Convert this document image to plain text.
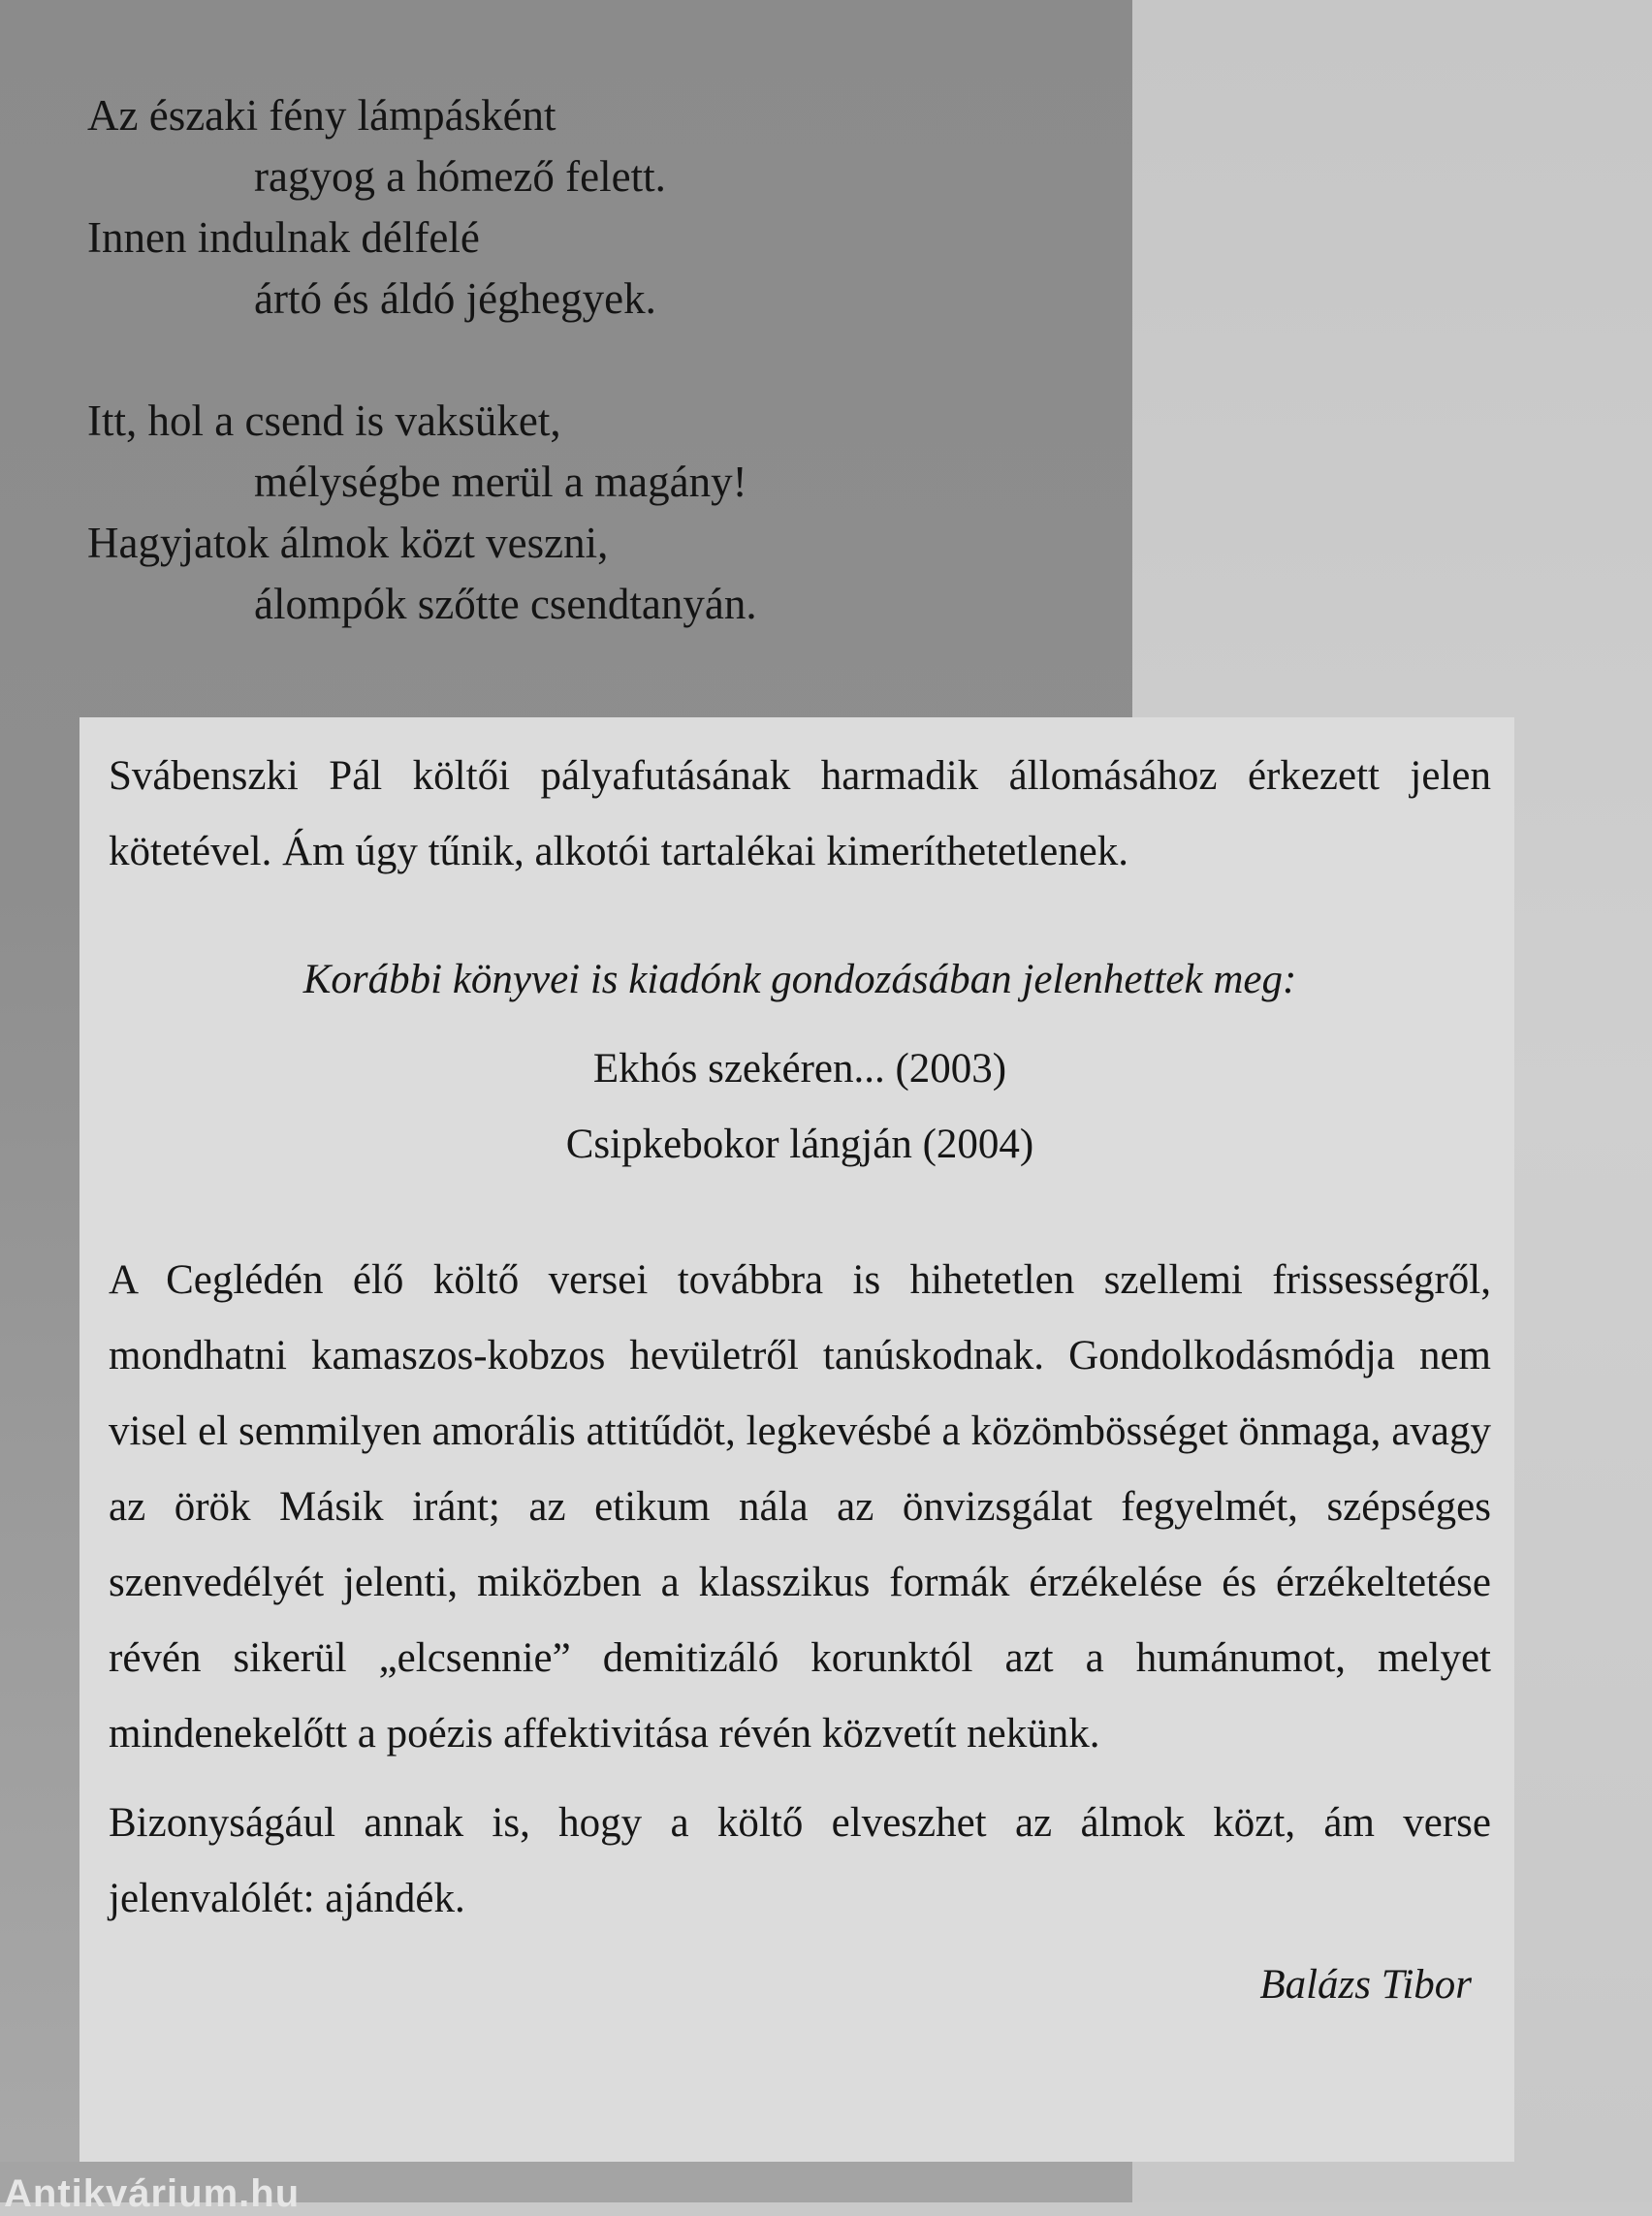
Az északi fény lámpásként
ragyog a hómező felett.
Innen indulnak délfelé
ártó és áldó jéghegyek.
Itt, hol a csend is vaksüket,
mélységbe merül a magány!
Hagyjatok álmok közt veszni,
álompók szőtte csendtanyán.

Svábenszki Pál költői pályafutásának harmadik állomásához érkezett jelen kötetével. Ám úgy tűnik, alkotói tartalékai kimeríthetetlenek.

Korábbi könyvei is kiadónk gondozásában jelenhettek meg:
Ekhós szekéren... (2003)
Csipkebokor lángján (2004)

A Ceglédén élő költő versei továbbra is hihetetlen szellemi frissességről, mondhatni kamaszos-kobzos hevületről tanúskodnak. Gondolkodásmódja nem visel el semmilyen amorális attitűdöt, legkevésbé a közömbösséget önmaga, avagy az örök Másik iránt; az etikum nála az önvizsgálat fegyelmét, szépséges szenvedélyét jelenti, miközben a klasszikus formák érzékelése és érzékeltetése révén sikerül „elcsennie” demitizáló korunktól azt a humánumot, melyet mindenekelőtt a poézis affektivitása révén közvetít nekünk.

Bizonyságául annak is, hogy a költő elveszhet az álmok közt, ám verse jelenvalólét: ajándék.

Balázs Tibor
Antikvárium.hu
